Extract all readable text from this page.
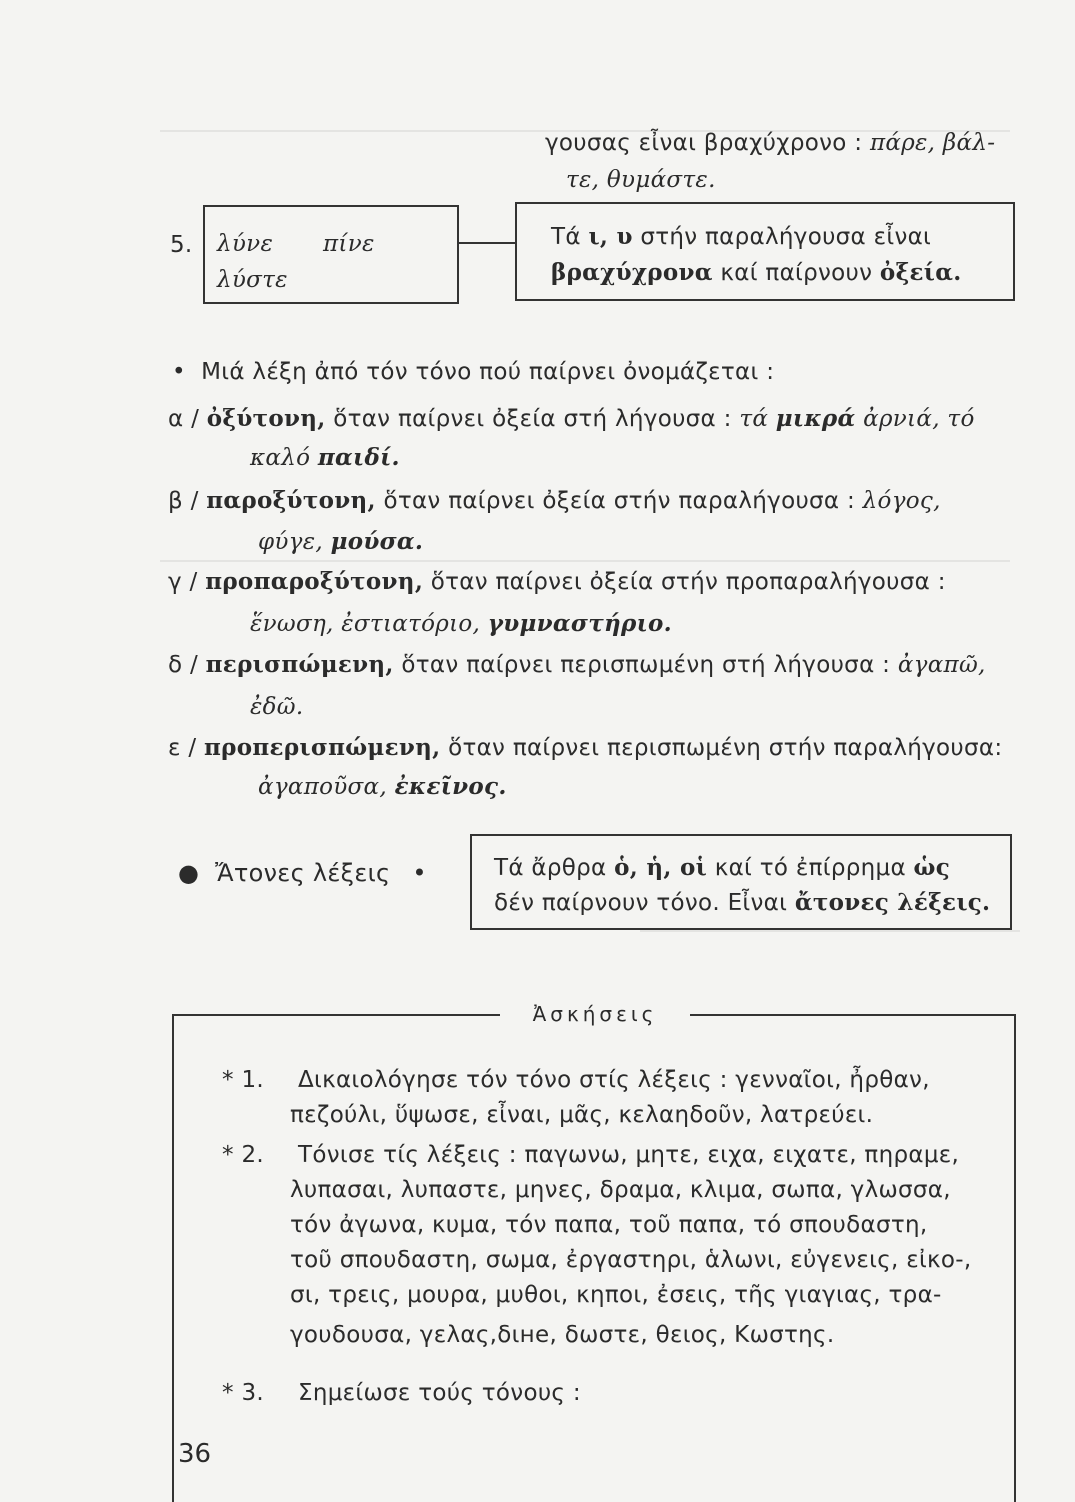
γουσας εἶναι βραχύχρονο : πάρε, βάλ-
τε, θυμάστε.
5. λύνε πίνε
λύστε
Τά ι, υ στήν παραλήγουσα εἶναι
βραχύχρονα καί παίρνουν ὀξεία.
• Μιά λέξη ἀπό τόν τόνο πού παίρνει ὀνομάζεται :
α / ὀξύτονη, ὅταν παίρνει ὀξεία στή λήγουσα : τά μικρά ἀρνιά, τό
καλό παιδί.
β / παροξύτονη, ὅταν παίρνει ὀξεία στήν παραλήγουσα : λόγος,
φύγε, μούσα.
γ / προπαροξύτονη, ὅταν παίρνει ὀξεία στήν προπαραλήγουσα :
ἕνωση, ἐστιατόριο, γυμναστήριο.
δ / περισπώμενη, ὅταν παίρνει περισπωμένη στή λήγουσα : ἀγαπῶ,
ἐδῶ.
ε / προπερισπώμενη, ὅταν παίρνει περισπωμένη στήν παραλήγουσα:
ἀγαποῦσα, ἐκεῖνος.
● Ἄτονες λέξεις •	Τά ἄρθρα ὁ, ἡ, οἱ καί τό ἐπίρρημα ὡς
δέν παίρνουν τόνο. Εἶναι ἄτονες λέξεις.
Ἀσκήσεις
* 1. Δικαιολόγησε τόν τόνο στίς λέξεις : γενναῖοι, ἦρθαν,
πεζούλι, ὕψωσε, εἶναι, μᾶς, κελαηδοῦν, λατρεύει.
* 2. Τόνισε τίς λέξεις : παγωνω, μητε, ειχα, ειχατε, πηραμε,
λυπασαι, λυπαστε, μηνες, δραμα, κλιμα, σωπα, γλωσσα,
τόν ἀγωνα, κυμα, τόν παπα, τοῦ παπα, τό σπουδαστη,
τοῦ σπουδαστη, σωμα, ἐργαστηρι, ἁλωνι, εὐγενεις, εἰκο-,
σι, τρεις, μουρα, μυθοι, κηποι, ἐσεις, τῆς γιαγιας, τρα-
γουδουσα, γελας,διне, δωστε, θειος, Κωστης.
* 3. Σημείωσε τούς τόνους :
36
